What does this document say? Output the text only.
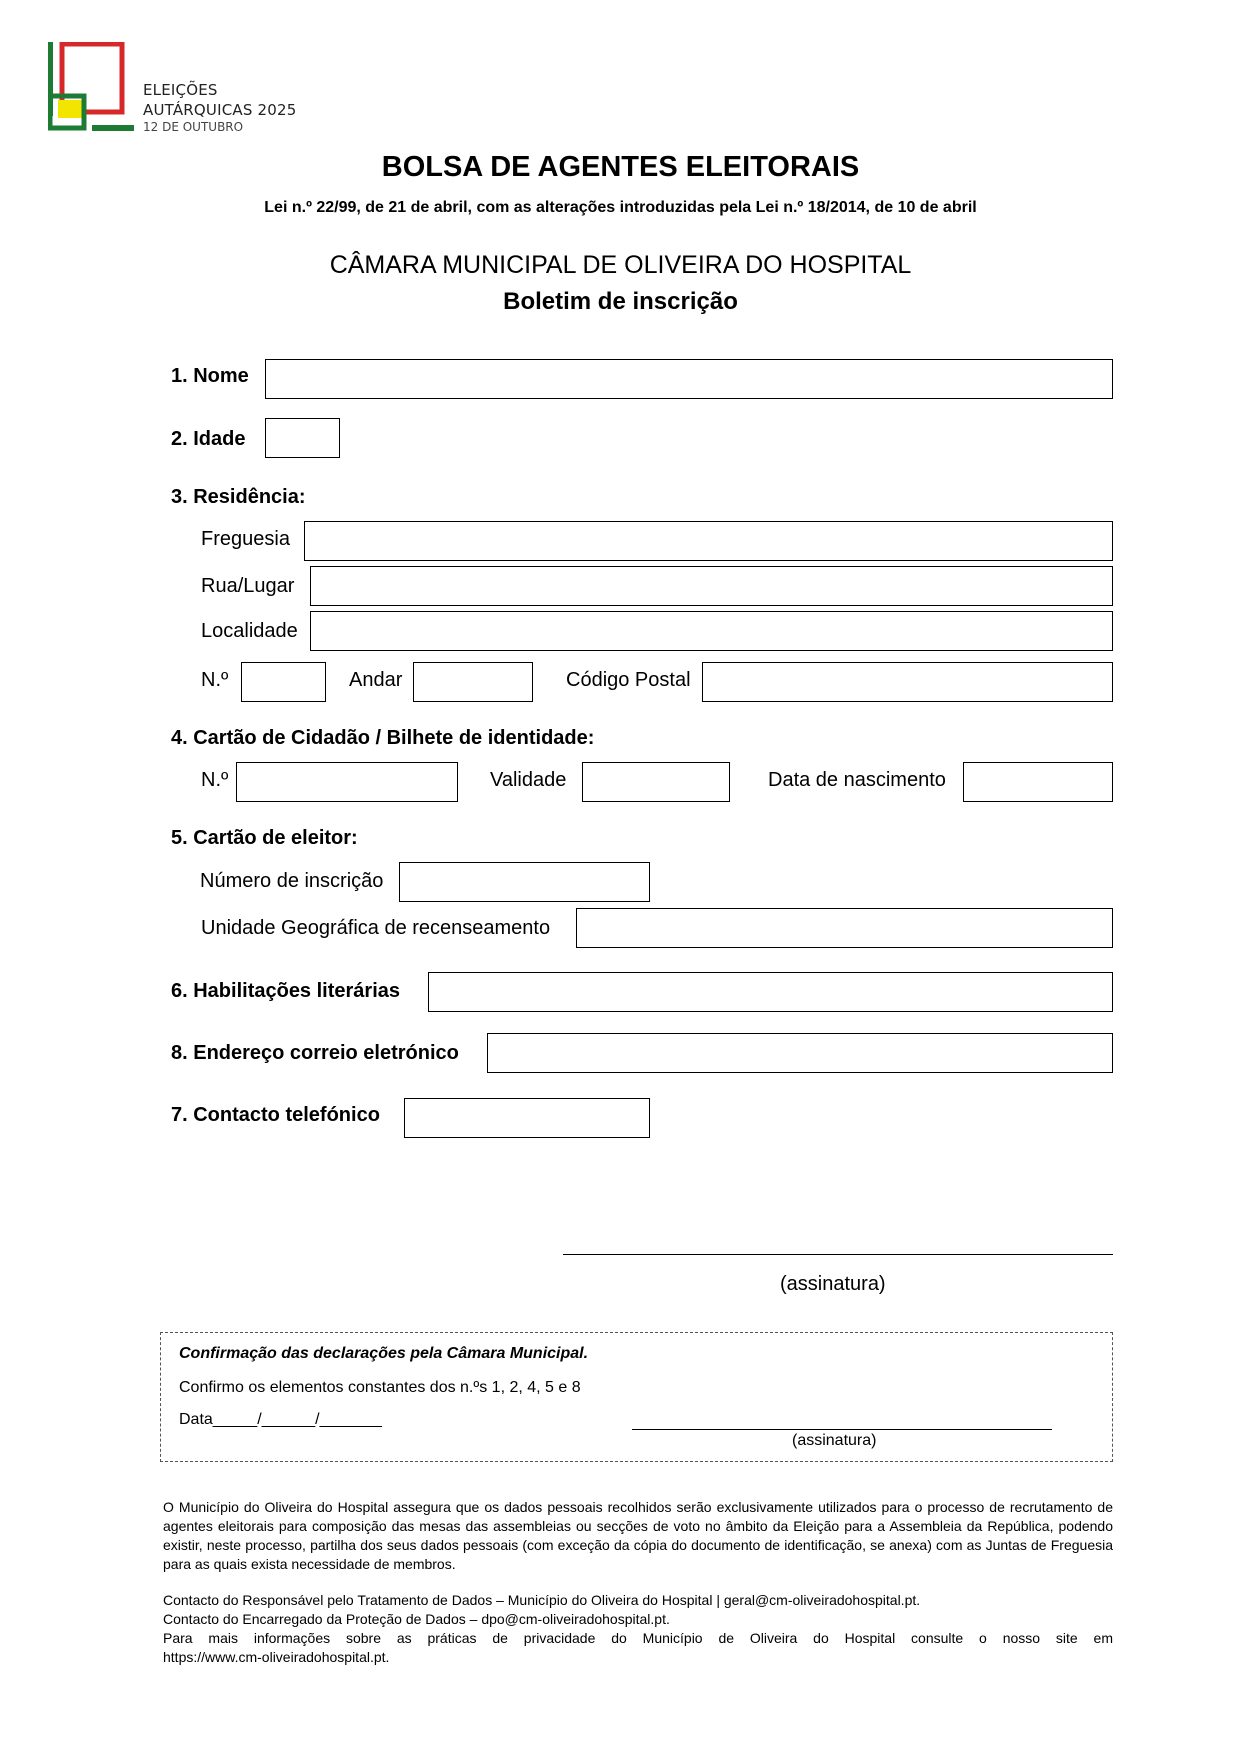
ELEIÇÕES
AUTÁRQUICAS 2025
12 DE OUTUBRO
BOLSA DE AGENTES ELEITORAIS
Lei n.º 22/99, de 21 de abril, com as alterações introduzidas pela Lei n.º 18/2014, de 10 de abril
CÂMARA MUNICIPAL DE OLIVEIRA DO HOSPITAL
Boletim de inscrição
1. Nome
2. Idade
3. Residência:
Freguesia
Rua/Lugar
Localidade
N.º	Andar	Código Postal
4. Cartão de Cidadão / Bilhete de identidade:
N.º	Validade	Data de nascimento
5. Cartão de eleitor:
Número de inscrição
Unidade Geográfica de recenseamento
6. Habilitações literárias
8. Endereço correio eletrónico
7. Contacto telefónico
(assinatura)
Confirmação das declarações pela Câmara Municipal.
Confirmo os elementos constantes dos n.ºs 1, 2, 4, 5 e 8
Data_____/______/_______
(assinatura)
O Município do Oliveira do Hospital assegura que os dados pessoais recolhidos serão exclusivamente utilizados para o processo de recrutamento de agentes eleitorais para composição das mesas das assembleias ou secções de voto no âmbito da Eleição para a Assembleia da República, podendo existir, neste processo, partilha dos seus dados pessoais (com exceção da cópia do documento de identificação, se anexa) com as Juntas de Freguesia para as quais exista necessidade de membros.
Contacto do Responsável pelo Tratamento de Dados – Município do Oliveira do Hospital | geral@cm-oliveiradohospital.pt.
Contacto do Encarregado da Proteção de Dados – dpo@cm-oliveiradohospital.pt.
Para mais informações sobre as práticas de privacidade do Município de Oliveira do Hospital consulte o nosso site em
https://www.cm-oliveiradohospital.pt.
